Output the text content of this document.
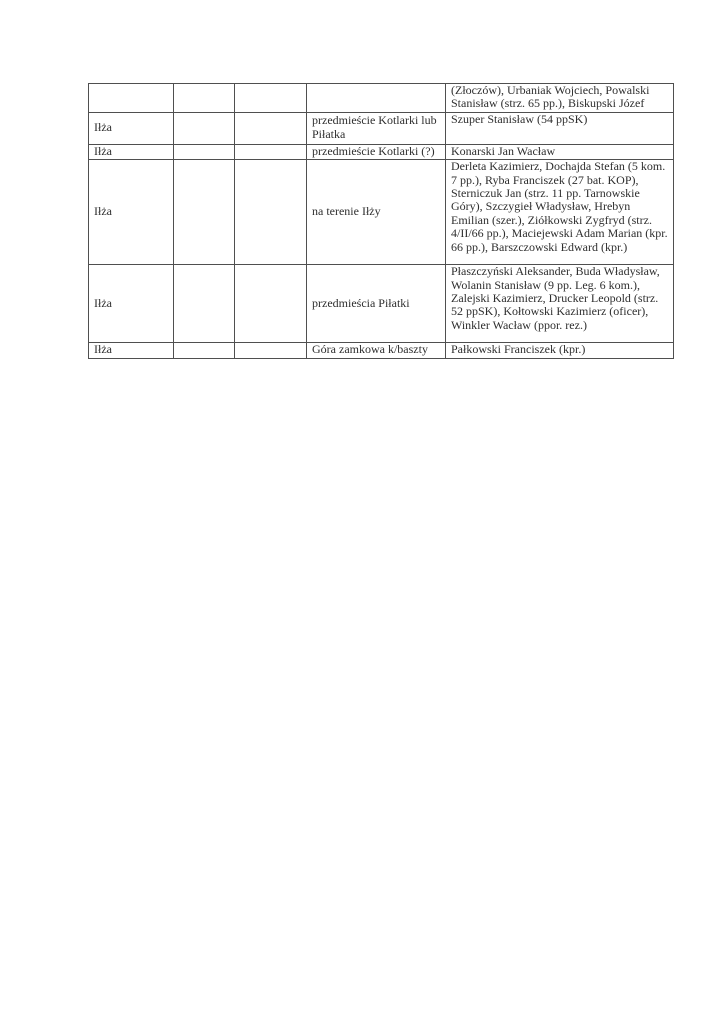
				(Złoczów), Urbaniak Wojciech, Powalski Stanisław (strz. 65 pp.), Biskupski Józef
Iłża			przedmieście Kotlarki lub Piłatka	Szuper Stanisław (54 ppSK)
Iłża			przedmieście Kotlarki (?)	Konarski Jan Wacław
Iłża			na terenie Iłży	Derleta Kazimierz, Dochajda Stefan (5 kom. 7 pp.), Ryba Franciszek (27 bat. KOP), Sterniczuk Jan (strz. 11 pp. Tarnowskie Góry), Szczygieł Władysław, Hrebyn Emilian (szer.), Ziółkowski Zygfryd (strz. 4/II/66 pp.), Maciejewski Adam Marian (kpr. 66 pp.), Barszczowski Edward (kpr.)
Iłża			przedmieścia Piłatki	Płaszczyński Aleksander, Buda Władysław, Wolanin Stanisław (9 pp. Leg. 6 kom.), Zalejski Kazimierz, Drucker Leopold (strz. 52 ppSK), Kołtowski Kazimierz (oficer), Winkler Wacław (ppor. rez.)
Iłża			Góra zamkowa k/baszty	Pałkowski Franciszek (kpr.)
